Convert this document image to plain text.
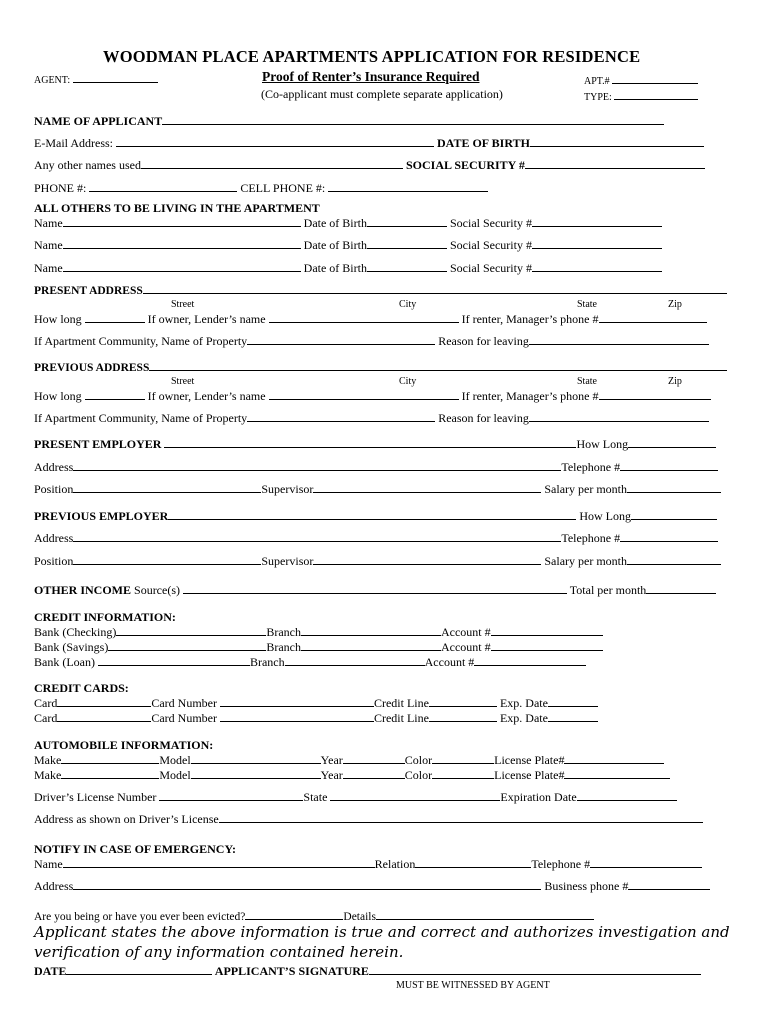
WOODMAN PLACE APARTMENTS APPLICATION FOR RESIDENCE
AGENT:	Proof of Renter’s Insurance Required
(Co-applicant must complete separate application)
APT.#
TYPE:
NAME OF APPLICANT
E-Mail Address:	DATE OF BIRTH
Any other names used	SOCIAL SECURITY #
PHONE #:	CELL PHONE #:
ALL OTHERS TO BE LIVING IN THE APARTMENT
Name	Date of Birth	Social Security #
Name	Date of Birth	Social Security #
Name	Date of Birth	Social Security #
PRESENT ADDRESS
Street	City	State	Zip
How long	If owner, Lender’s name	If renter, Manager’s phone #
If Apartment Community, Name of Property	Reason for leaving
PREVIOUS ADDRESS
Street	City	State	Zip
How long	If owner, Lender’s name	If renter, Manager’s phone #
If Apartment Community, Name of Property	Reason for leaving
PRESENT EMPLOYER	How Long
Address	Telephone #
Position	Supervisor	Salary per month
PREVIOUS EMPLOYER	How Long
Address	Telephone #
Position	Supervisor	Salary per month
OTHER INCOME Source(s)	Total per month
CREDIT INFORMATION:
Bank (Checking)	Branch	Account #
Bank (Savings)	Branch	Account #
Bank (Loan)	Branch	Account #
CREDIT CARDS:
Card	Card Number	Credit Line	Exp. Date
Card	Card Number	Credit Line	Exp. Date
AUTOMOBILE INFORMATION:
Make	Model	Year	Color	License Plate#
Make	Model	Year	Color	License Plate#
Driver’s License Number	State	Expiration Date
Address as shown on Driver’s License
NOTIFY IN CASE OF EMERGENCY:
Name	Relation	Telephone #
Address	Business phone #
Are you being or have you ever been evicted?	Details
Applicant states the above information is true and correct and authorizes investigation and verification of any information contained herein.
DATE	APPLICANT’S SIGNATURE
MUST BE WITNESSED BY AGENT
